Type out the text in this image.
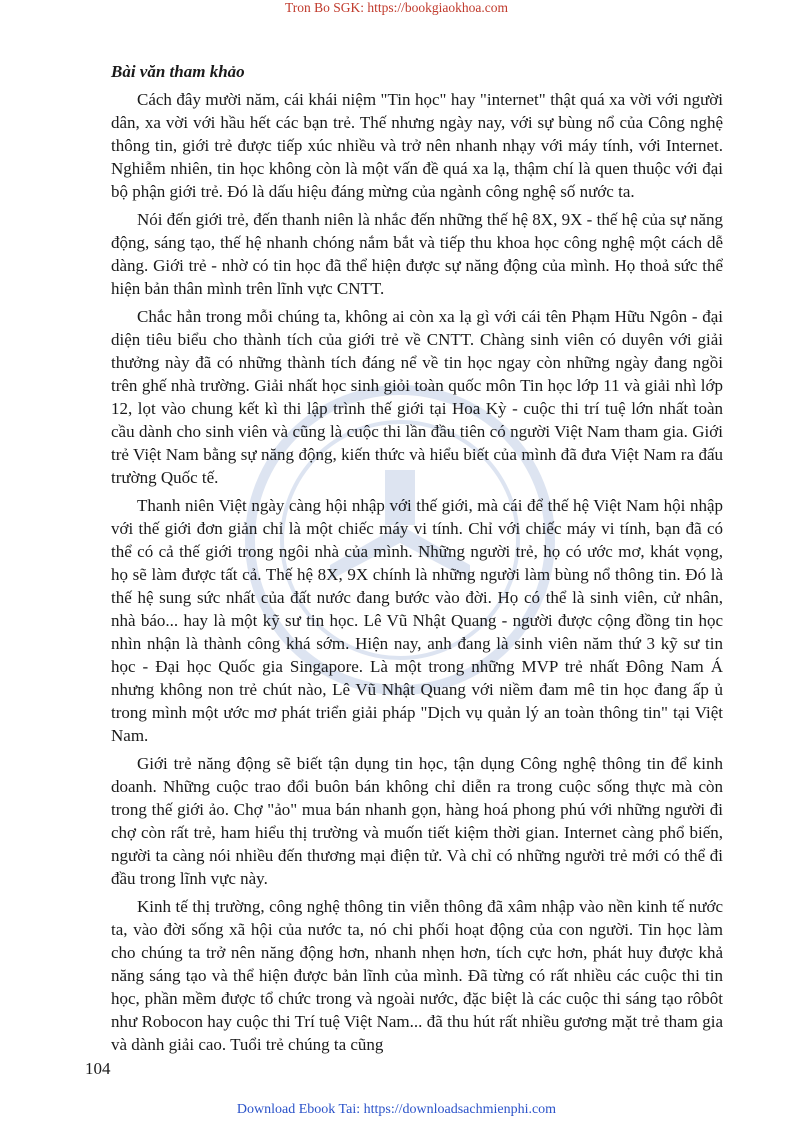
Tron Bo SGK: https://bookgiaokhoa.com
Bài văn tham khảo

Cách đây mười năm, cái khái niệm "Tin học" hay "internet" thật quá xa vời với người dân, xa vời với hầu hết các bạn trẻ. Thế nhưng ngày nay, với sự bùng nổ của Công nghệ thông tin, giới trẻ được tiếp xúc nhiều và trở nên nhanh nhạy với máy tính, với Internet. Nghiễm nhiên, tin học không còn là một vấn đề quá xa lạ, thậm chí là quen thuộc với đại bộ phận giới trẻ. Đó là dấu hiệu đáng mừng của ngành công nghệ số nước ta.

Nói đến giới trẻ, đến thanh niên là nhắc đến những thế hệ 8X, 9X - thế hệ của sự năng động, sáng tạo, thế hệ nhanh chóng nắm bắt và tiếp thu khoa học công nghệ một cách dễ dàng. Giới trẻ - nhờ có tin học đã thể hiện được sự năng động của mình. Họ thoả sức thể hiện bản thân mình trên lĩnh vực CNTT.

Chắc hẳn trong mỗi chúng ta, không ai còn xa lạ gì với cái tên Phạm Hữu Ngôn - đại diện tiêu biểu cho thành tích của giới trẻ về CNTT. Chàng sinh viên có duyên với giải thưởng này đã có những thành tích đáng nể về tin học ngay còn những ngày đang ngồi trên ghế nhà trường. Giải nhất học sinh giỏi toàn quốc môn Tin học lớp 11 và giải nhì lớp 12, lọt vào chung kết kì thi lập trình thế giới tại Hoa Kỳ - cuộc thi trí tuệ lớn nhất toàn cầu dành cho sinh viên và cũng là cuộc thi lần đầu tiên có người Việt Nam tham gia. Giới trẻ Việt Nam bằng sự năng động, kiến thức và hiểu biết của mình đã đưa Việt Nam ra đấu trường Quốc tế.

Thanh niên Việt ngày càng hội nhập với thế giới, mà cái để thế hệ Việt Nam hội nhập với thế giới đơn giản chỉ là một chiếc máy vi tính. Chỉ với chiếc máy vi tính, bạn đã có thể có cả thế giới trong ngôi nhà của mình. Những người trẻ, họ có ước mơ, khát vọng, họ sẽ làm được tất cả. Thế hệ 8X, 9X chính là những người làm bùng nổ thông tin. Đó là thế hệ sung sức nhất của đất nước đang bước vào đời. Họ có thể là sinh viên, cử nhân, nhà báo... hay là một kỹ sư tin học. Lê Vũ Nhật Quang - người được cộng đồng tin học nhìn nhận là thành công khá sớm. Hiện nay, anh đang là sinh viên năm thứ 3 kỹ sư tin học - Đại học Quốc gia Singapore. Là một trong những MVP trẻ nhất Đông Nam Á nhưng không non trẻ chút nào, Lê Vũ Nhật Quang với niềm đam mê tin học đang ấp ủ trong mình một ước mơ phát triển giải pháp "Dịch vụ quản lý an toàn thông tin" tại Việt Nam.

Giới trẻ năng động sẽ biết tận dụng tin học, tận dụng Công nghệ thông tin để kinh doanh. Những cuộc trao đổi buôn bán không chỉ diễn ra trong cuộc sống thực mà còn trong thế giới ảo. Chợ "ảo" mua bán nhanh gọn, hàng hoá phong phú với những người đi chợ còn rất trẻ, ham hiểu thị trường và muốn tiết kiệm thời gian. Internet càng phổ biến, người ta càng nói nhiều đến thương mại điện tử. Và chỉ có những người trẻ mới có thể đi đầu trong lĩnh vực này.

Kinh tế thị trường, công nghệ thông tin viễn thông đã xâm nhập vào nền kinh tế nước ta, vào đời sống xã hội của nước ta, nó chi phối hoạt động của con người. Tin học làm cho chúng ta trở nên năng động hơn, nhanh nhẹn hơn, tích cực hơn, phát huy được khả năng sáng tạo và thể hiện được bản lĩnh của mình. Đã từng có rất nhiều các cuộc thi tin học, phần mềm được tổ chức trong và ngoài nước, đặc biệt là các cuộc thi sáng tạo rôbôt như Robocon hay cuộc thi Trí tuệ Việt Nam... đã thu hút rất nhiều gương mặt trẻ tham gia và dành giải cao. Tuổi trẻ chúng ta cũng

104
Download Ebook Tai: https://downloadsachmienphi.com
